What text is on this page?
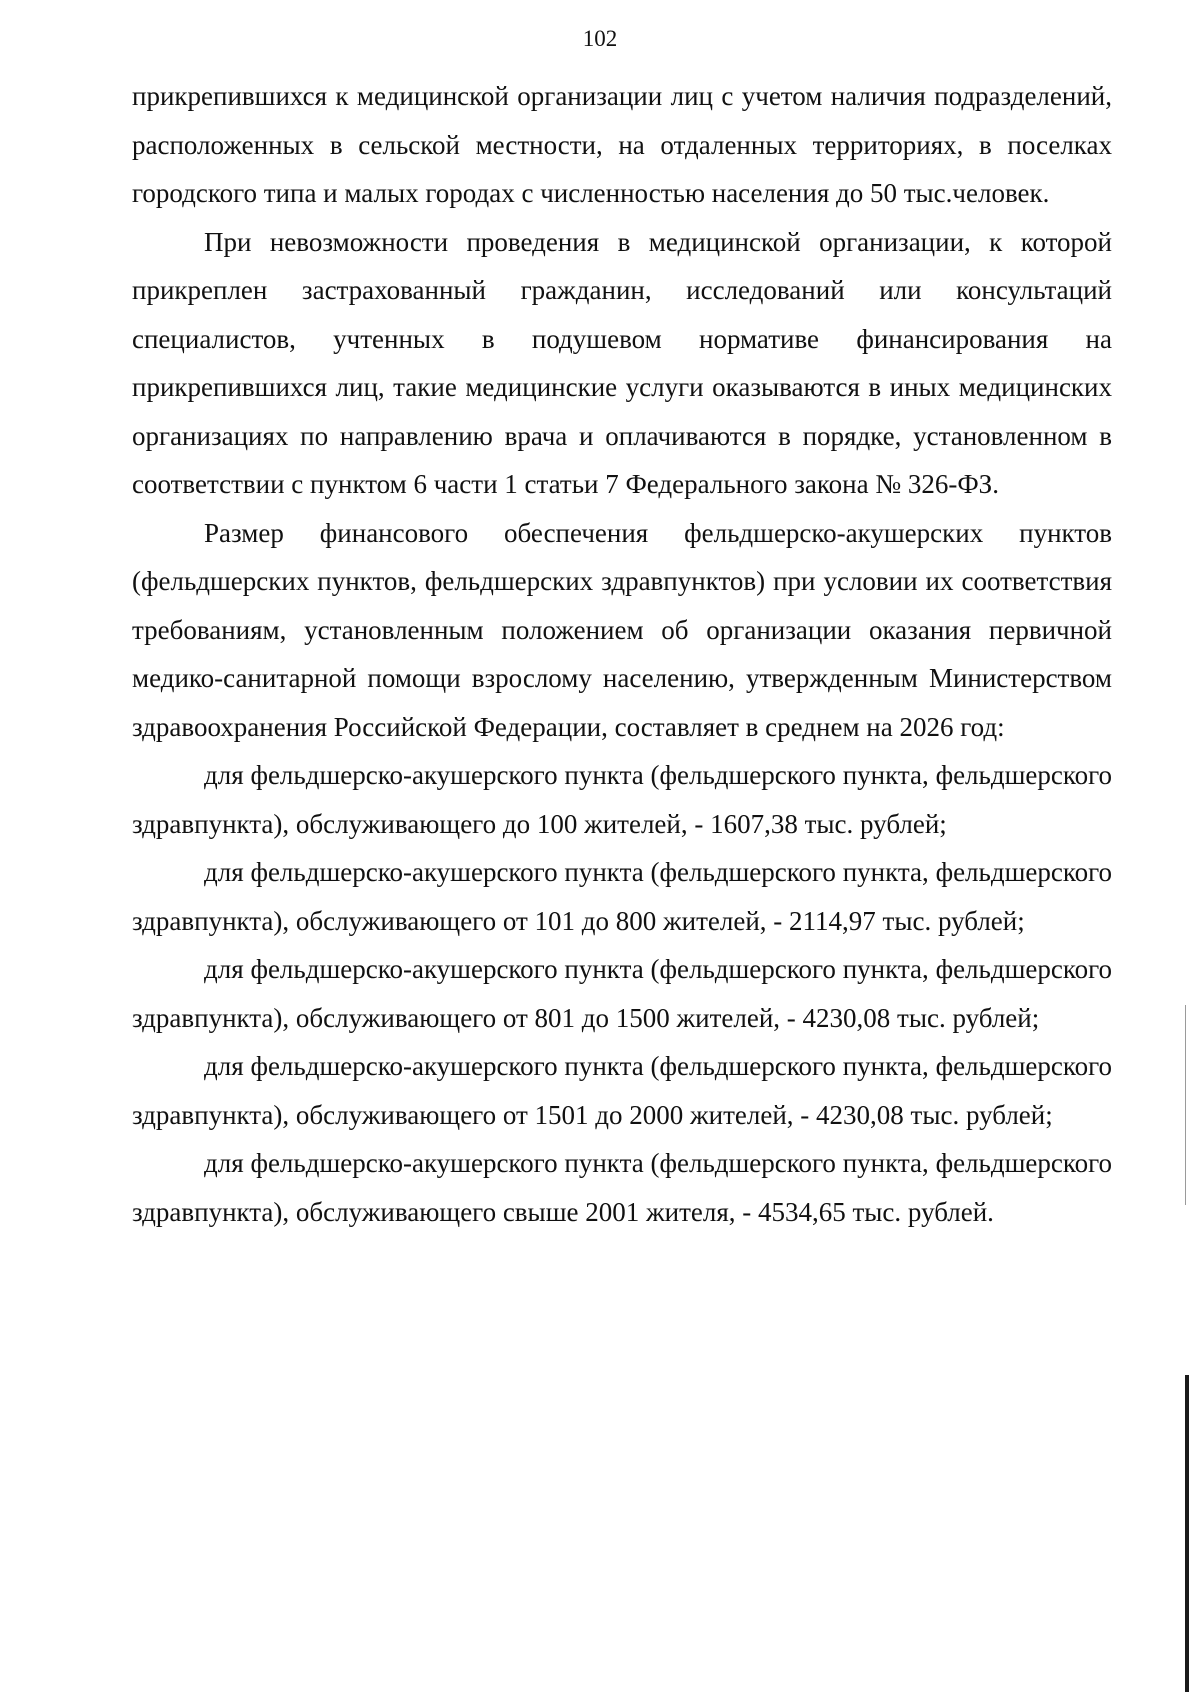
102

прикрепившихся к медицинской организации лиц с учетом наличия подразделений, расположенных в сельской местности, на отдаленных территориях, в поселках городского типа и малых городах с численностью населения до 50 тыс.человек.

При невозможности проведения в медицинской организации, к которой прикреплен застрахованный гражданин, исследований или консультаций специалистов, учтенных в подушевом нормативе финансирования на прикрепившихся лиц, такие медицинские услуги оказываются в иных медицинских организациях по направлению врача и оплачиваются в порядке, установленном в соответствии с пунктом 6 части 1 статьи 7 Федерального закона № 326-ФЗ.

Размер финансового обеспечения фельдшерско-акушерских пунктов (фельдшерских пунктов, фельдшерских здравпунктов) при условии их соответствия требованиям, установленным положением об организации оказания первичной медико-санитарной помощи взрослому населению, утвержденным Министерством здравоохранения Российской Федерации, составляет в среднем на 2026 год:

для фельдшерско-акушерского пункта (фельдшерского пункта, фельдшерского здравпункта), обслуживающего до 100 жителей, - 1607,38 тыс. рублей;

для фельдшерско-акушерского пункта (фельдшерского пункта, фельдшерского здравпункта), обслуживающего от 101 до 800 жителей, - 2114,97 тыс. рублей;

для фельдшерско-акушерского пункта (фельдшерского пункта, фельдшерского здравпункта), обслуживающего от 801 до 1500 жителей, - 4230,08 тыс. рублей;

для фельдшерско-акушерского пункта (фельдшерского пункта, фельдшерского здравпункта), обслуживающего от 1501 до 2000 жителей, - 4230,08 тыс. рублей;

для фельдшерско-акушерского пункта (фельдшерского пункта, фельдшерского здравпункта), обслуживающего свыше 2001 жителя, - 4534,65 тыс. рублей.
